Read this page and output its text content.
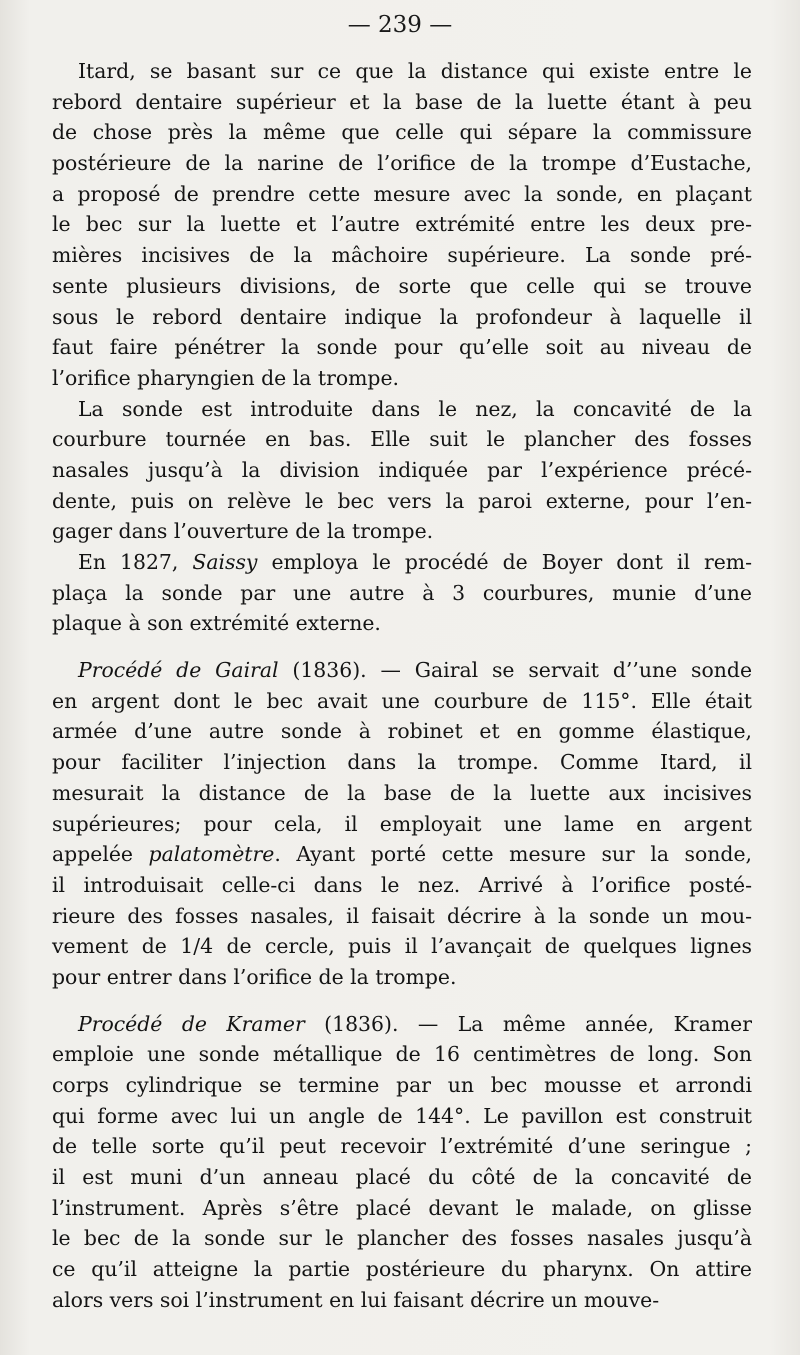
— 239 —
Itard, se basant sur ce que la distance qui existe entre le
rebord dentaire supérieur et la base de la luette étant à peu
de chose près la même que celle qui sépare la commissure
postérieure de la narine de l’orifice de la trompe d’Eustache,
a proposé de prendre cette mesure avec la sonde, en plaçant
le bec sur la luette et l’autre extrémité entre les deux pre-
mières incisives de la mâchoire supérieure. La sonde pré-
sente plusieurs divisions, de sorte que celle qui se trouve
sous le rebord dentaire indique la profondeur à laquelle il
faut faire pénétrer la sonde pour qu’elle soit au niveau de
l’orifice pharyngien de la trompe.
La sonde est introduite dans le nez, la concavité de la
courbure tournée en bas. Elle suit le plancher des fosses
nasales jusqu’à la division indiquée par l’expérience précé-
dente, puis on relève le bec vers la paroi externe, pour l’en-
gager dans l’ouverture de la trompe.
En 1827, Saissy employa le procédé de Boyer dont il rem-
plaça la sonde par une autre à 3 courbures, munie d’une
plaque à son extrémité externe.
Procédé de Gairal (1836). — Gairal se servait d’’une sonde
en argent dont le bec avait une courbure de 115°. Elle était
armée d’une autre sonde à robinet et en gomme élastique,
pour faciliter l’injection dans la trompe. Comme Itard, il
mesurait la distance de la base de la luette aux incisives
supérieures; pour cela, il employait une lame en argent
appelée palatomètre. Ayant porté cette mesure sur la sonde,
il introduisait celle-ci dans le nez. Arrivé à l’orifice posté-
rieure des fosses nasales, il faisait décrire à la sonde un mou-
vement de 1/4 de cercle, puis il l’avançait de quelques lignes
pour entrer dans l’orifice de la trompe.
Procédé de Kramer (1836). — La même année, Kramer
emploie une sonde métallique de 16 centimètres de long. Son
corps cylindrique se termine par un bec mousse et arrondi
qui forme avec lui un angle de 144°. Le pavillon est construit
de telle sorte qu’il peut recevoir l’extrémité d’une seringue ;
il est muni d’un anneau placé du côté de la concavité de
l’instrument. Après s’être placé devant le malade, on glisse
le bec de la sonde sur le plancher des fosses nasales jusqu’à
ce qu’il atteigne la partie postérieure du pharynx. On attire
alors vers soi l’instrument en lui faisant décrire un mouve-
